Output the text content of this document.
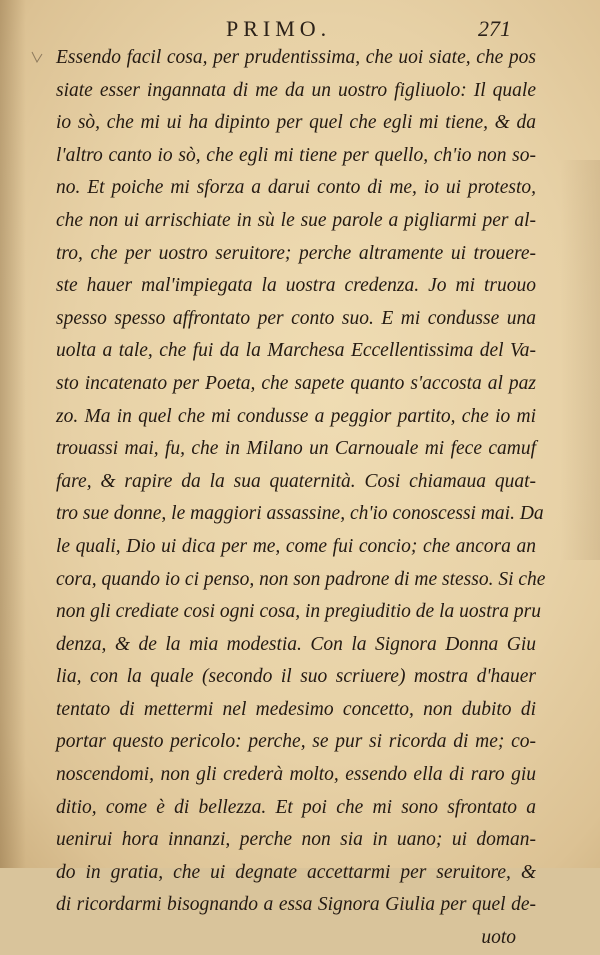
PRIMO.	271
Essendo facil cosa, per prudentissima, che uoi siate, che pos
siate esser ingannata di me da un uostro figliuolo: Il quale
io sò, che mi ui ha dipinto per quel che egli mi tiene, & da
l'altro canto io sò, che egli mi tiene per quello, ch'io non so-
no. Et poiche mi sforza a darui conto di me, io ui protesto,
che non ui arrischiate in sù le sue parole a pigliarmi per al-
tro, che per uostro seruitore; perche altramente ui trouere-
ste hauer mal'impiegata la uostra credenza. Jo mi truouo
spesso spesso affrontato per conto suo. E mi condusse una
uolta a tale, che fui da la Marchesa Eccellentissima del Va-
sto incatenato per Poeta, che sapete quanto s'accosta al paz
zo. Ma in quel che mi condusse a peggior partito, che io mi
trouassi mai, fu, che in Milano un Carnouale mi fece camuf
fare, & rapire da la sua quaternità. Cosi chiamaua quat-
tro sue donne, le maggiori assassine, ch'io conoscessi mai. Da
le quali, Dio ui dica per me, come fui concio; che ancora an
cora, quando io ci penso, non son padrone di me stesso. Si che
non gli crediate cosi ogni cosa, in pregiuditio de la uostra pru
denza, & de la mia modestia. Con la Signora Donna Giu
lia, con la quale (secondo il suo scriuere) mostra d'hauer
tentato di mettermi nel medesimo concetto, non dubito di
portar questo pericolo: perche, se pur si ricorda di me; co-
noscendomi, non gli crederà molto, essendo ella di raro giu
ditio, come è di bellezza. Et poi che mi sono sfrontato a
uenirui hora innanzi, perche non sia in uano; ui doman-
do in gratia, che ui degnate accettarmi per seruitore, &
di ricordarmi bisognando a essa Signora Giulia per quel de-
uoto
